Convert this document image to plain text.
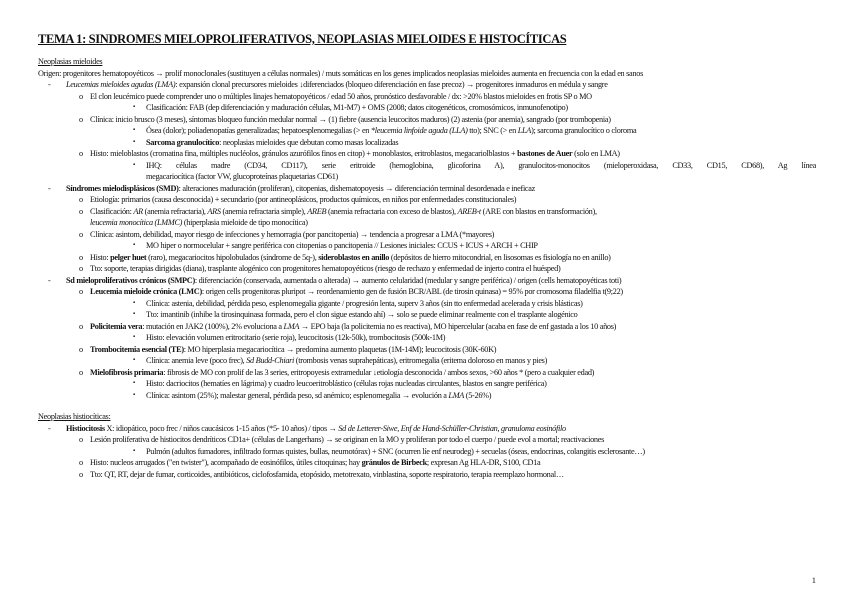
TEMA 1: SINDROMES MIELOPROLIFERATIVOS, NEOPLASIAS MIELOIDES E HISTOCÍTICAS
Neoplasias mieloides
Origen: progenitores hematopoyéticos → prolif monoclonales (sustituyen a células normales) / muts somáticas en los genes implicados neoplasias mieloides aumenta en frecuencia con la edad en sanos
- Leucemias mieloides agudas (LMA): expansión clonal precursores mieloides ↓diferenciados (bloqueo diferenciación en fase precoz) → progenitores inmaduros en médula y sangre
o El clon leucémico puede comprender uno o múltiples linajes hematopoyéticos / edad 50 años, pronóstico desfavorable / dx: >20% blastos mieloides en frotis SP o MO
▪ Clasificación: FAB (dep diferenciación y maduración células, M1-M7) + OMS (2008; datos citogenéticos, cromosómicos, inmunofenotipo)
o Clínica: inicio brusco (3 meses), síntomas bloqueo función medular normal → (1) fiebre (ausencia leucocitos maduros) (2) astenia (por anemia), sangrado (por trombopenia)
▪ Ósea (dolor); poliadenopatías generalizadas; hepatoesplenomegalias (> en *leucemia linfoide aguda (LLA) tto); SNC (> en LLA); sarcoma granulocítico o cloroma
▪ Sarcoma granulocítico: neoplasias mieloides que debutan como masas localizadas
o Histo: mieloblastos (cromatina fina, múltiples nucléolos, gránulos azurófilos finos en citop) + monoblastos, eritroblastos, megacariolblastos + bastones de Auer (solo en LMA)
▪ IHQ: células madre (CD34, CD117), serie eritroide (hemoglobina, glicoforina A), granulocitos-monocitos (mieloperoxidasa, CD33, CD15, CD68), Ag línea
megacariocítica (factor VW, glucoproteínas plaquetarias CD61)
- Síndromes mielodisplásicos (SMD): alteraciones maduración (proliferan), citopenias, dishematopoyesis → diferenciación terminal desordenada e ineficaz
o Etiología: primarios (causa desconocida) + secundario (por antineoplásicos, productos químicos, en niños por enfermedades constitucionales)
o Clasificación: AR (anemia refractaria), ARS (anemia refractaria simple), AREB (anemia refractaria con exceso de blastos), AREB-t (ARE con blastos en transformación),
leucemia monocítica (LMMC) (hiperplasia mieloide de tipo monocítica)
o Clínica: asintom, debilidad, mayor riesgo de infecciones y hemorragia (por pancitopenia) → tendencia a progresar a LMA (*mayores)
▪ MO hiper o normocelular + sangre periférica con citopenias o pancitopenia // Lesiones iniciales: CCUS + ICUS + ARCH + CHIP
o Histo: pelger huet (raro), megacariocitos hipolobulados (síndrome de 5q-), sideroblastos en anillo (depósitos de hierro mitocondrial, en lisosomas es fisiología no en anillo)
o Tto: soporte, terapias dirigidas (diana), trasplante alogénico con progenitores hematopoyéticos (riesgo de rechazo y enfermedad de injerto contra el huésped)
- Sd mieloproliferativos crónicos (SMPC): diferenciación (conservada, aumentada o alterada) → aumento celularidad (medular y sangre periférica) / origen (cells hematopoyéticas toti)
o Leucemia mieloide crónica (LMC): origen cells progenitoras pluripot → reordenamiento gen de fusión BCR/ABL (de tirosin quinasa) = 95% por cromosoma filadelfia t(9;22)
▪ Clínica: astenia, debilidad, pérdida peso, esplenomegalia gigante / progresión lenta, superv 3 años (sin tto enfermedad acelerada y crisis blásticas)
▪ Tto: imantinib (inhibe la tirosinquinasa formada, pero el clon sigue estando ahí) → solo se puede eliminar realmente con el trasplante alogénico
o Policitemia vera: mutación en JAK2 (100%), 2% evoluciona a LMA → EPO baja (la policitemia no es reactiva), MO hipercelular (acaba en fase de enf gastada a los 10 años)
▪ Histo: elevación volumen eritrocitario (serie roja), leucocitosis (12k-50k), trombocitosis (500k-1M)
o Trombocitemia esencial (TE): MO hiperplasia megacariocítica → predomina aumento plaquetas (1M-14M); leucocitosis (30K-60K)
▪ Clínica: anemia leve (poco frec), Sd Budd-Chiari (trombosis venas suprahepáticas), eritromegalia (eritema doloroso en manos y pies)
o Mielofibrosis primaria: fibrosis de MO con prolif de las 3 series, eritropoyesis extramedular ↓etiología desconocida / ambos sexos, >60 años * (pero a cualquier edad)
▪ Histo: dacriocitos (hematíes en lágrima) y cuadro leucoeritroblástico (células rojas nucleadas circulantes, blastos en sangre periférica)
▪ Clínica: asintom (25%); malestar general, pérdida peso, sd anémico; esplenomegalia → evolución a LMA (5-26%)
Neoplasias histiocíticas:
- Histiocitosis X: idiopático, poco frec / niños caucásicos 1-15 años (*5- 10 años) / tipos → Sd de Letterer-Siwe, Enf de Hand-Schüller-Christian, granuloma eosinófilo
o Lesión proliferativa de histiocitos dendríticos CD1a+ (células de Langerhans) → se originan en la MO y proliferan por todo el cuerpo / puede evol a mortal; reactivaciones
▪ Pulmón (adultos fumadores, infiltrado formas quistes, bullas, neumotórax) + SNC (ocurren líe enf neurodeg) + secuelas (óseas, endocrinas, colangitis esclerosante…)
o Histo: nucleos arrugados ("en twister"), acompañado de eosinófilos, útiles citoquinas; hay gránulos de Birbeck; expresan Ag HLA-DR, S100, CD1a
o Tto: QT, RT, dejar de fumar, corticoides, antibióticos, ciclofosfamida, etopósido, metotrexato, vinblastina, soporte respiratorio, terapia reemplazo hormonal…
1
